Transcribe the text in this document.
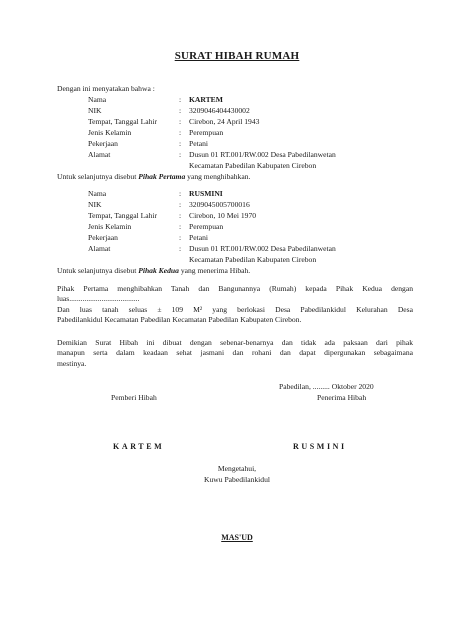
SURAT HIBAH RUMAH
Dengan ini menyatakan bahwa :
Nama	: KARTEM
NIK	: 3209046404430002
Tempat, Tanggal Lahir	: Cirebon, 24 April 1943
Jenis Kelamin	: Perempuan
Pekerjaan	: Petani
Alamat	: Dusun 01 RT.001/RW.002 Desa Pabedilanwetan
Kecamatan Pabedilan Kabupaten Cirebon
Untuk selanjutnya disebut Pihak Pertama yang menghibahkan.
Nama	: RUSMINI
NIK	: 3209045005700016
Tempat, Tanggal Lahir	: Cirebon, 10 Mei 1970
Jenis Kelamin	: Perempuan
Pekerjaan	: Petani
Alamat	: Dusun 01 RT.001/RW.002 Desa Pabedilanwetan
Kecamatan Pabedilan Kabupaten Cirebon
Untuk selanjutnya disebut Pihak Kedua yang menerima Hibah.
Pihak Pertama menghibahkan Tanah dan Bangunannya (Rumah) kepada Pihak Kedua dengan
luas.....................................
Dan luas tanah seluas ± 109 M² yang berlokasi Desa Pabedilankidul Kelurahan Desa
Pabedilankidul Kecamatan Pabedilan Kecamatan Pabedilan Kabupaten Cirebon.
Demikian Surat Hibah ini dibuat dengan sebenar-benarnya dan tidak ada paksaan dari pihak
manapun serta dalam keadaan sehat jasmani dan rohani dan dapat dipergunakan sebagaimana
mestinya.
Pabedilan, ......... Oktober 2020
Pemberi Hibah	Penerima Hibah
KARTEM	RUSMINI
Mengetahui,
Kuwu Pabedilankidul
MAS'UD
